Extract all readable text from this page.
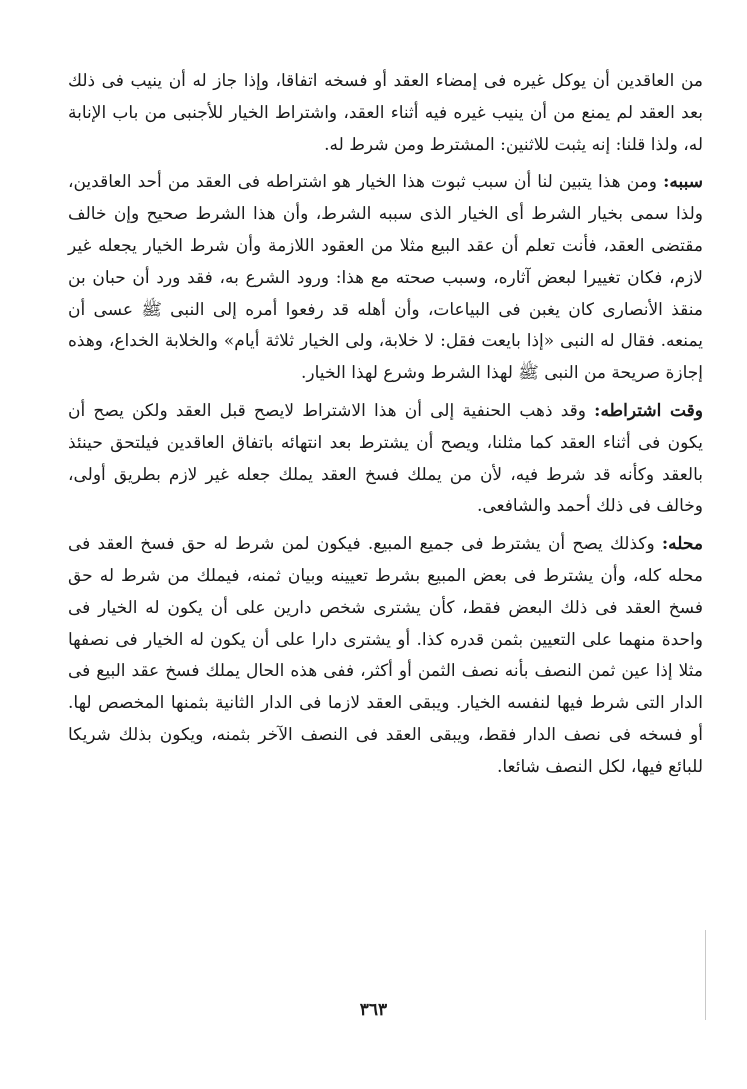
من العاقدين أن يوكل غيره فى إمضاء العقد أو فسخه اتفاقا، وإذا جاز له أن ينيب فى ذلك بعد العقد لم يمنع من أن ينيب غيره فيه أثناء العقد، واشتراط الخيار للأجنبى من باب الإنابة له، ولذا قلنا: إنه يثبت للاثنين: المشترط ومن شرط له.

سببه: ومن هذا يتبين لنا أن سبب ثبوت هذا الخيار هو اشتراطه فى العقد من أحد العاقدين، ولذا سمى بخيار الشرط أى الخيار الذى سببه الشرط، وأن هذا الشرط صحيح وإن خالف مقتضى العقد، فأنت تعلم أن عقد البيع مثلا من العقود اللازمة وأن شرط الخيار يجعله غير لازم، فكان تغييرا لبعض آثاره، وسبب صحته مع هذا: ورود الشرع به، فقد ورد أن حبان بن منقذ الأنصارى كان يغبن فى البياعات، وأن أهله قد رفعوا أمره إلى النبى ﷺ عسى أن يمنعه. فقال له النبى «إذا بايعت فقل: لا خلابة، ولى الخيار ثلاثة أيام» والخلابة الخداع، وهذه إجازة صريحة من النبى ﷺ لهذا الشرط وشرع لهذا الخيار.

وقت اشتراطه: وقد ذهب الحنفية إلى أن هذا الاشتراط لايصح قبل العقد ولكن يصح أن يكون فى أثناء العقد كما مثلنا، ويصح أن يشترط بعد انتهائه باتفاق العاقدين فيلتحق حينئذ بالعقد وكأنه قد شرط فيه، لأن من يملك فسخ العقد يملك جعله غير لازم بطريق أولى، وخالف فى ذلك أحمد والشافعى.

محله: وكذلك يصح أن يشترط فى جميع المبيع. فيكون لمن شرط له حق فسخ العقد فى محله كله، وأن يشترط فى بعض المبيع بشرط تعيينه وبيان ثمنه، فيملك من شرط له حق فسخ العقد فى ذلك البعض فقط، كأن يشترى شخص دارين على أن يكون له الخيار فى واحدة منهما على التعيين بثمن قدره كذا. أو يشترى دارا على أن يكون له الخيار فى نصفها مثلا إذا عين ثمن النصف بأنه نصف الثمن أو أكثر، ففى هذه الحال يملك فسخ عقد البيع فى الدار التى شرط فيها لنفسه الخيار. ويبقى العقد لازما فى الدار الثانية بثمنها المخصص لها. أو فسخه فى نصف الدار فقط، ويبقى العقد فى النصف الآخر بثمنه، ويكون بذلك شريكا للبائع فيها، لكل النصف شائعا.

٣٦٣
